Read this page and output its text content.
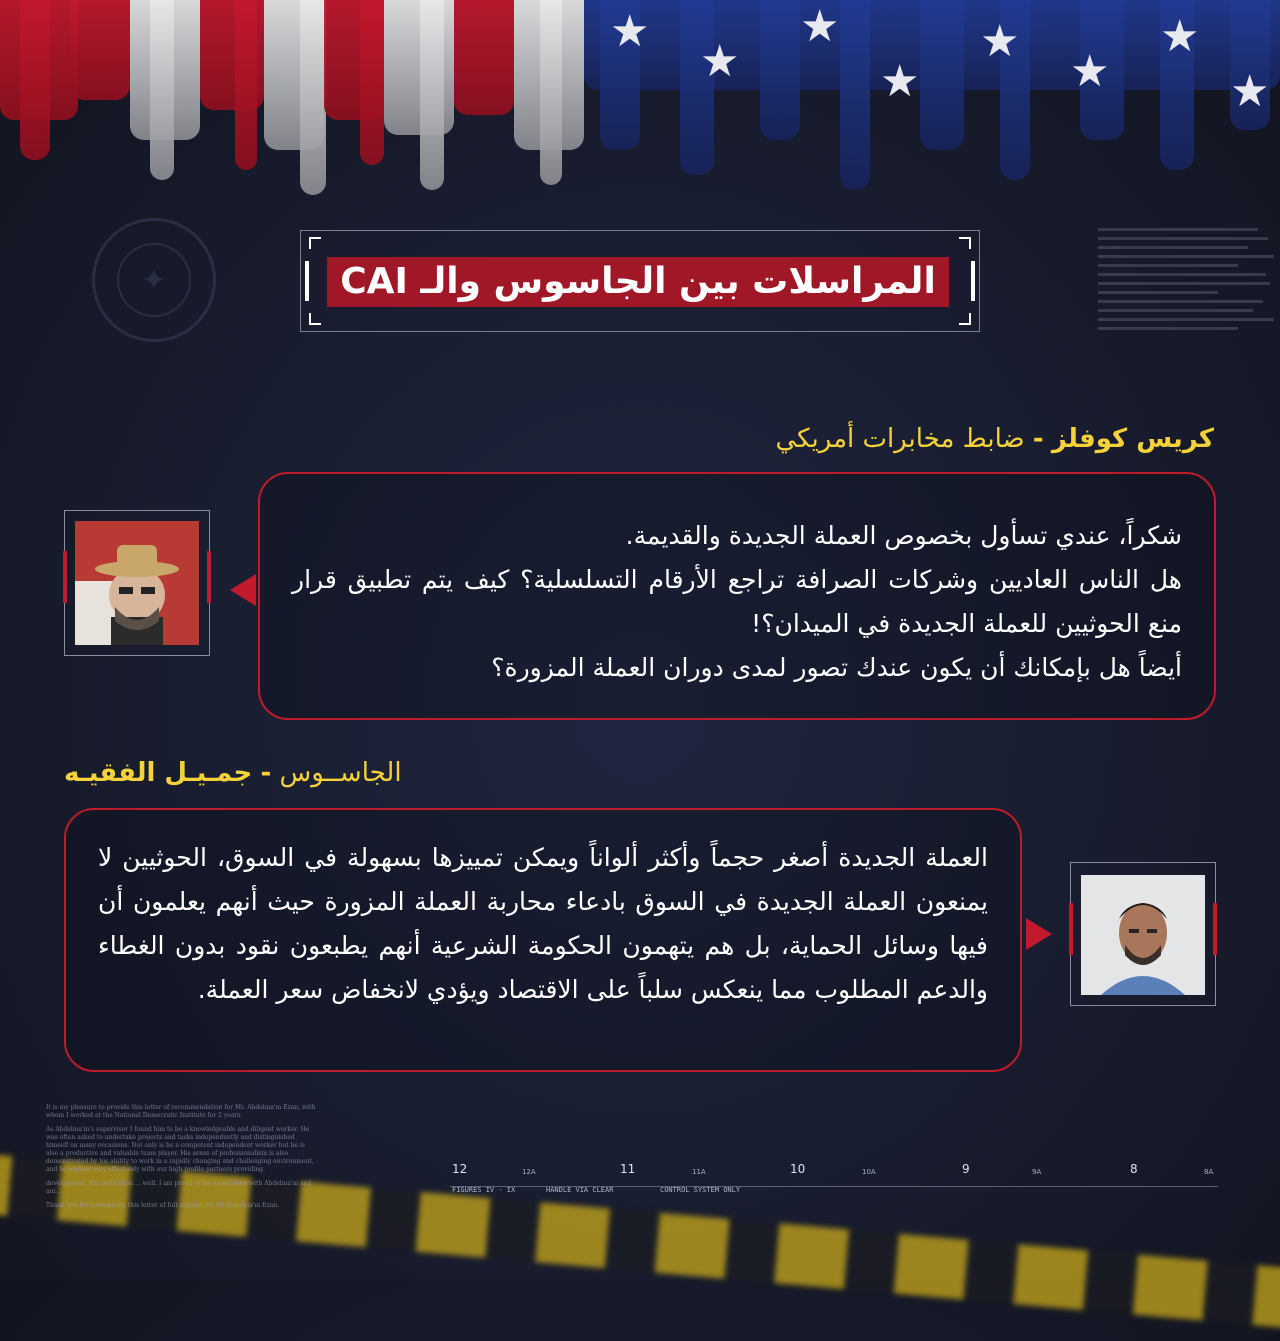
★
★
★
★
★
★
★
★
✦	المراسلات بين الجاسوس والـ CAI
كريس كوفلز - ضابط مخابرات أمريكي

شكراً، عندي تسأول بخصوص العملة الجديدة والقديمة.

هل الناس العاديين وشركات الصرافة تراجع الأرقام التسلسلية؟ كيف يتم تطبيق قرار منع الحوثيين للعملة الجديدة في الميدان؟!

أيضاً هل بإمكانك أن يكون عندك تصور لمدى دوران العملة المزورة؟

الجاســوس - جمـيـل الفقيـه

العملة الجديدة أصغر حجماً وأكثر ألواناً ويمكن تمييزها بسهولة في السوق، الحوثيين لا يمنعون العملة الجديدة في السوق بادعاء محاربة العملة المزورة حيث أنهم يعلمون أن فيها وسائل الحماية، بل هم يتهمون الحكومة الشرعية أنهم يطبعون نقود بدون الغطاء والدعم المطلوب مما ينعكس سلباً على الاقتصاد ويؤدي لانخفاض سعر العملة.

It is my pleasure to provide this letter of recommendation for Mr. Abdelma'm Ezan, with whom I worked at the National Democratic Institute for 2 years.

As Abdelma'm's supervisor I found him to be a knowledgeable and diligent worker. He was often asked to undertake projects and tasks independently and distinguished himself on many occasions. Not only is he a competent independent worker but he is also a productive and valuable team player. His sense of professionalism is also demonstrated by his ability to work in a rapidly changing and challenging environment, and he worked very effectively with our high profile partners providing.

development. His dedication ... well. I am proud of my association with Abdelma'm and am ...

Thank you for considering this letter of full support for Mr Abdelma'm Ezan.

12	12A	11	11A	10	10A	9	9A	8	8A
FIGURES IV - IX	HANDLE VIA CLEAR	CONTROL SYSTEM ONLY
